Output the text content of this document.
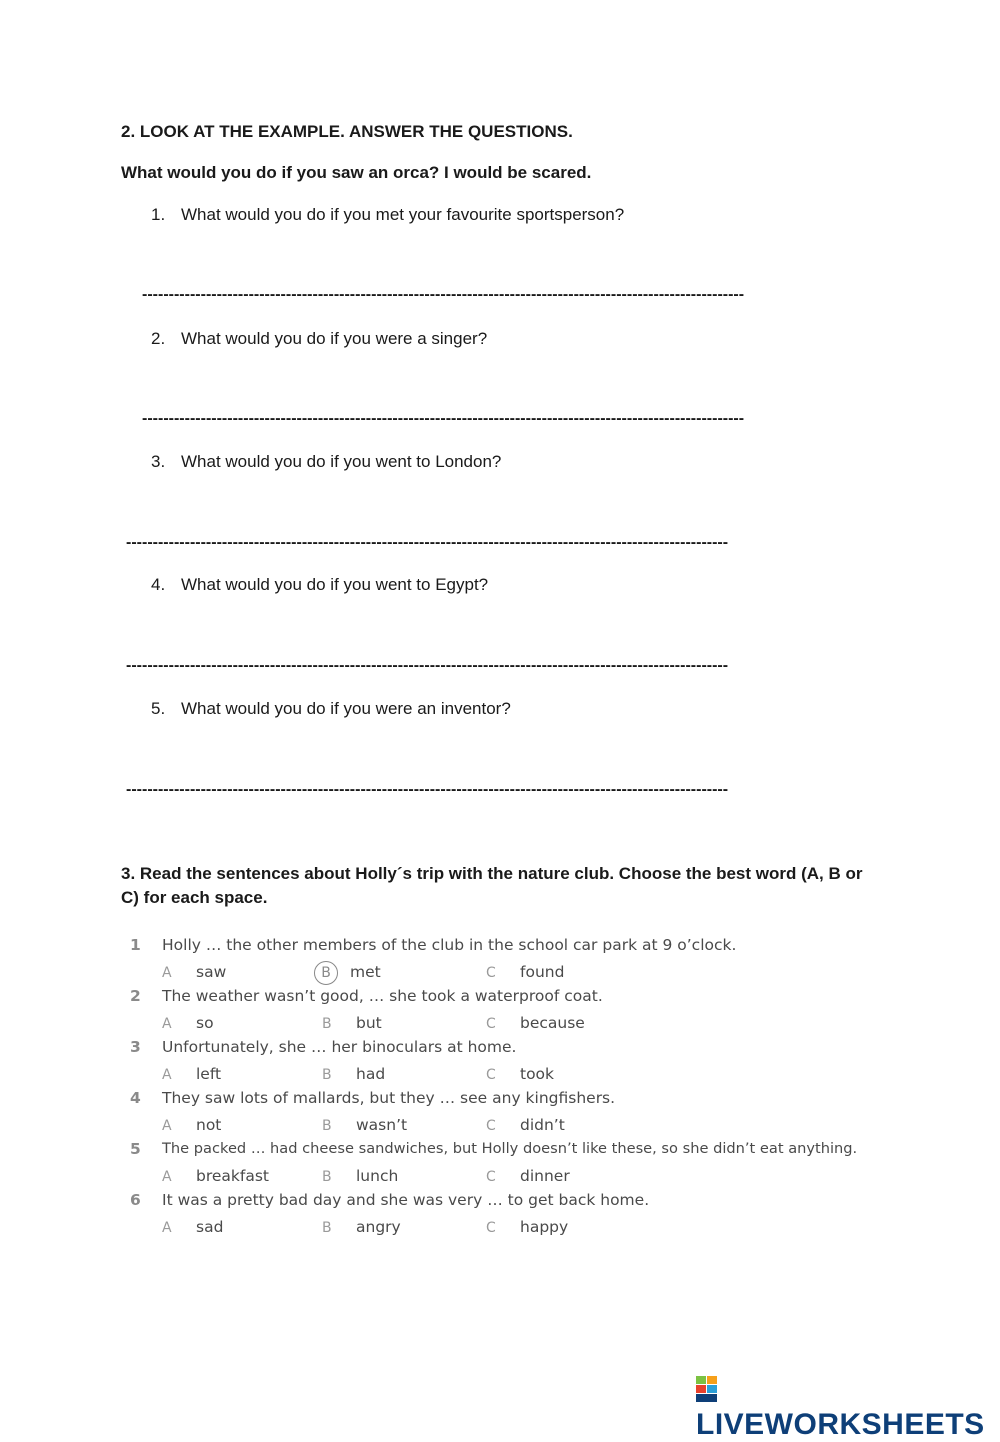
2. LOOK AT THE EXAMPLE. ANSWER THE QUESTIONS.
What would you do if you saw an orca? I would be scared.
1. What would you do if you met your favourite sportsperson?
-----------------------------------------------------------------------------------------------------------------
2. What would you do if you were a singer?
-----------------------------------------------------------------------------------------------------------------
3. What would you do if you went to London?
-----------------------------------------------------------------------------------------------------------------
4. What would you do if you went to Egypt?
-----------------------------------------------------------------------------------------------------------------
5. What would you do if you were an inventor?
-----------------------------------------------------------------------------------------------------------------
3. Read the sentences about Holly´s trip with the nature club. Choose the best word (A, B or C) for each space.
1 Holly … the other members of the club in the school car park at 9 o’clock.
A saw	B met	C found
2 The weather wasn’t good, … she took a waterproof coat.
A so	B but	C because
3 Unfortunately, she … her binoculars at home.
A left	B had	C took
4 They saw lots of mallards, but they … see any kingfishers.
A not	B wasn’t	C didn’t
5 The packed … had cheese sandwiches, but Holly doesn’t like these, so she didn’t eat anything.
A breakfast	B lunch	C dinner
6 It was a pretty bad day and she was very … to get back home.
A sad	B angry	C happy
LIVEWORKSHEETS
